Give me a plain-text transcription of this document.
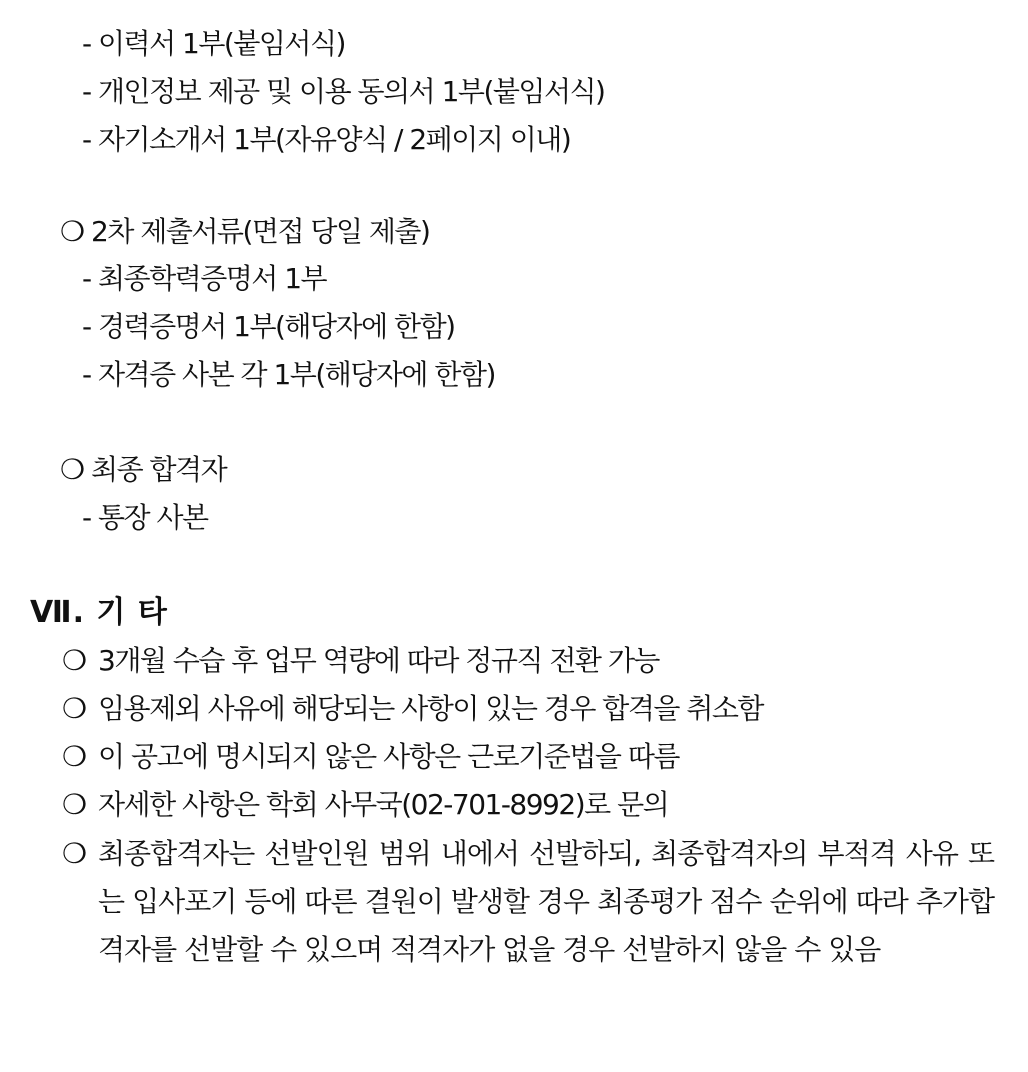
- 이력서 1부(붙임서식)
- 개인정보 제공 및 이용 동의서 1부(붙임서식)
- 자기소개서 1부(자유양식 / 2페이지 이내)
❍ 2차 제출서류(면접 당일 제출)
- 최종학력증명서 1부
- 경력증명서 1부(해당자에 한함)
- 자격증 사본 각 1부(해당자에 한함)
❍ 최종 합격자
- 통장 사본
Ⅶ. 기 타
❍ 3개월 수습 후 업무 역량에 따라 정규직 전환 가능
❍ 임용제외 사유에 해당되는 사항이 있는 경우 합격을 취소함
❍ 이 공고에 명시되지 않은 사항은 근로기준법을 따름
❍ 자세한 사항은 학회 사무국(02-701-8992)로 문의
❍ 최종합격자는 선발인원 범위 내에서 선발하되, 최종합격자의 부적격 사유 또는 입사포기 등에 따른 결원이 발생할 경우 최종평가 점수 순위에 따라 추가합격자를 선발할 수 있으며 적격자가 없을 경우 선발하지 않을 수 있음
